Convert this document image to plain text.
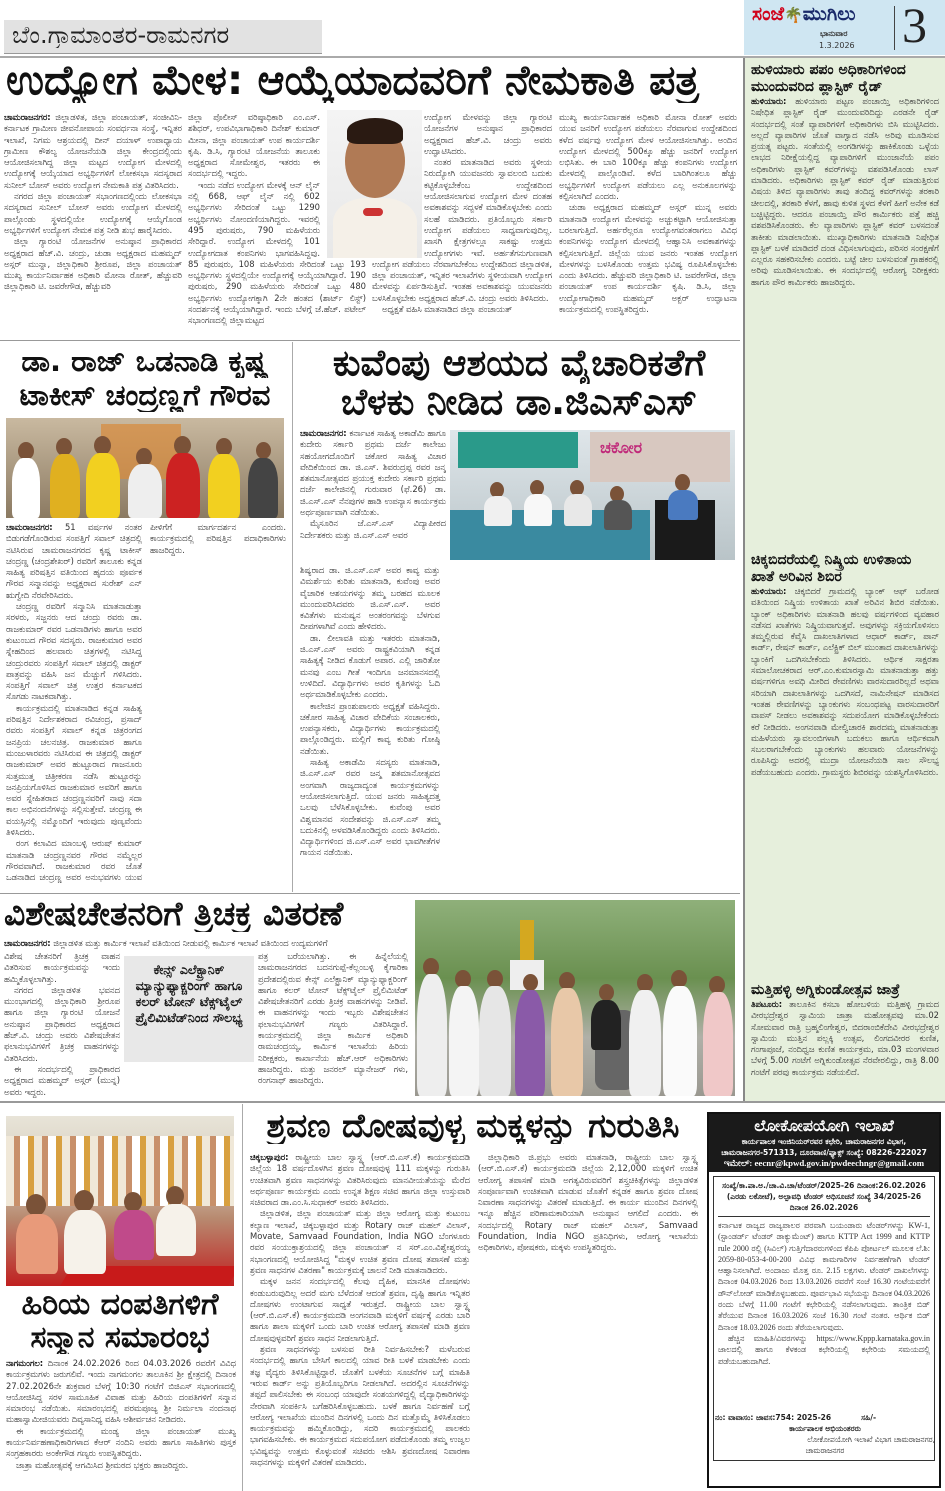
ಬೆಂ.ಗ್ರಾಮಾಂತರ-ರಾಮನಗರ
ಸಂಜೆ🌴ಮುಗಿಲು
ಭಾನುವಾರ
1.3.2026 3
ಉದ್ಯೋಗ ಮೇಳ: ಆಯ್ಕೆಯಾದವರಿಗೆ ನೇಮಕಾತಿ ಪತ್ರ
ಚಾಮರಾಜನಗರ: ಜಿಲ್ಲಾಡಳಿತ, ಜಿಲ್ಲಾ ಪಂಚಾಯತ್, ಸಂಜೀವಿನಿ-ಕರ್ನಾಟಕ ಗ್ರಾಮೀಣ ಜೀವನೋಪಾಯ ಸಂವರ್ಧನಾ ಸಂಸ್ಥೆ, ಇನ್ನಿತರ ಇಲಾಖೆ, ನಿಗಮ ಆಶ್ರಯದಲ್ಲಿ ದೀನ್ ದಯಾಳ್ ಉಪಾಧ್ಯಾಯ ಗ್ರಾಮೀಣ ಕೌಶಲ್ಯ ಯೋಜನೆಯಡಿ ಜಿಲ್ಲಾ ಕೇಂದ್ರದಲ್ಲಿಂದು ಆಯೋಜಿಸಲಾಗಿದ್ದ ಜಿಲ್ಲಾ ಮಟ್ಟದ ಉದ್ಯೋಗ ಮೇಳದಲ್ಲಿ ಉದ್ಯೋಗಕ್ಕೆ ಆಯ್ಕೆಯಾದ ಅಭ್ಯರ್ಥಿಗಳಿಗೆ ಲೋಕಸಭಾ ಸದಸ್ಯರಾದ ಸುನೀಲ್ ಬೋಸ್ ಅವರು ಉದ್ಯೋಗ ನೇಮಕಾತಿ ಪತ್ರ ವಿತರಿಸಿದರು.

ನಗರದ ಜಿಲ್ಲಾ ಪಂಚಾಯತ್ ಸಭಾಂಗಣದಲ್ಲಿಂದು ಲೋಕಸಭಾ ಸದಸ್ಯರಾದ ಸುನೀಲ್ ಬೋಸ್ ಅವರು ಉದ್ಯೋಗ ಮೇಳದಲ್ಲಿ ಪಾಲ್ಗೊಂಡು ಸ್ಥಳದಲ್ಲಿಯೇ ಉದ್ಯೋಗಕ್ಕೆ ಆಯ್ಕೆಗೊಂಡ ಅಭ್ಯರ್ಥಿಗಳಿಗೆ ಉದ್ಯೋಗ ನೇಮಕ ಪತ್ರ ನೀಡಿ ಶುಭ ಹಾರೈಸಿದರು.

ಜಿಲ್ಲಾ ಗ್ಯಾರಂಟಿ ಯೋಜನೆಗಳ ಅನುಷ್ಠಾನ ಪ್ರಾಧಿಕಾರದ ಅಧ್ಯಕ್ಷರಾದ ಹೆಚ್.ವಿ. ಚಂದ್ರು, ಚುಡಾ ಅಧ್ಯಕ್ಷರಾದ ಮಹಮ್ಮದ್ ಅಸ್ಗರ್ ಮುನ್ನಾ, ಜಿಲ್ಲಾಧಿಕಾರಿ ಶ್ರೀರೂಪ, ಜಿಲ್ಲಾ ಪಂಚಾಯತ್ ಮುಖ್ಯ ಕಾರ್ಯನಿರ್ವಾಹಕ ಅಧಿಕಾರಿ ಮೋನಾ ರೋತ್, ಹೆಚ್ಚುವರಿ ಜಿಲ್ಲಾಧಿಕಾರಿ ಟಿ. ಜವರೇಗೌಡ, ಹೆಚ್ಚುವರಿ

ಜಿಲ್ಲಾ ಪೊಲೀಸ್ ವರಿಷ್ಠಾಧಿಕಾರಿ ಎಂ.ಎಸ್. ಶಶಿಧರ್, ಉಪವಿಭಾಗಾಧಿಕಾರಿ ದಿನೇಶ್ ಕುಮಾರ್ ಮೀನಾ, ಜಿಲ್ಲಾ ಪಂಚಾಯತ್ ಉಪ ಕಾರ್ಯದರ್ಶಿ ಕೃಷಿ. ಡಿ.ಸಿ, ಗ್ಯಾರಂಟಿ ಯೋಜನೆಯ ತಾಲೂಕು ಅಧ್ಯಕ್ಷರಾದ ಸೋಮೇಶ್ವರ, ಇತರರು ಈ ಸಂದರ್ಭದಲ್ಲಿ ಇದ್ದರು.

ಇಂದು ನಡೆದ ಉದ್ಯೋಗ ಮೇಳಕ್ಕೆ ಆನ್ ಲೈನ್ ನಲ್ಲಿ 668, ಆಫ್ ಲೈನ್ ನಲ್ಲಿ 602 ಅಭ್ಯರ್ಥಿಗಳು ಸೇರಿದಂತೆ ಒಟ್ಟು 1290 ಅಭ್ಯರ್ಥಿಗಳು ನೋಂದಣಿಯಾಗಿದ್ದರು. ಇವರಲ್ಲಿ 495 ಪುರುಷರು, 790 ಮಹಿಳೆಯರು ಸೇರಿದ್ದಾರೆ. ಉದ್ಯೋಗ ಮೇಳದಲ್ಲಿ 101 ಉದ್ಯೋಗದಾತ ಕಂಪನಿಗಳು ಭಾಗವಹಿಸಿದ್ದವು. 85 ಪುರುಷರು, 108 ಮಹಿಳೆಯರು ಸೇರಿದಂತೆ ಒಟ್ಟು 193 ಅಭ್ಯರ್ಥಿಗಳು ಸ್ಥಳದಲ್ಲಿಯೇ ಉದ್ಯೋಗಕ್ಕೆ ಆಯ್ಕೆಯಾಗಿದ್ದಾರೆ. 190 ಪುರುಷರು, 290 ಮಹಿಳೆಯರು ಸೇರಿದಂತೆ ಒಟ್ಟು 480 ಅಭ್ಯರ್ಥಿಗಳು ಉದ್ಯೋಗಕ್ಕಾಗಿ 2ನೇ ಹಂತದ (ಶಾರ್ಟ್ ಲಿಸ್ಟ್) ಸಂದರ್ಶನಕ್ಕೆ ಆಯ್ಕೆಯಾಗಿದ್ದಾರೆ. ಇಂದು ಬೆಳಗ್ಗೆ ಜೆ.ಹೆಚ್. ಪಟೇಲ್ ಸಭಾಂಗಣದಲ್ಲಿ ಜಿಲ್ಲಾಮಟ್ಟದ

ಉದ್ಯೋಗ ಮೇಳವನ್ನು ಜಿಲ್ಲಾ ಗ್ಯಾರಂಟಿ ಯೋಜನೆಗಳ ಅನುಷ್ಠಾನ ಪ್ರಾಧಿಕಾರದ ಅಧ್ಯಕ್ಷರಾದ ಹೆಚ್.ವಿ. ಚಂದ್ರು ಅವರು ಉದ್ಘಾಟಿಸಿದರು.

ನಂತರ ಮಾತನಾಡಿದ ಅವರು ಸ್ಥಳೀಯ ನಿರುದ್ಯೋಗಿ ಯುವಜನರು ಸ್ವಾವಲಂಬಿ ಬದುಕು ಕಟ್ಟಿಕೊಳ್ಳಬೇಕೆಂಬ ಉದ್ದೇಶದಿಂದ ಆಯೋಜಿಸಲಾಗುವ ಉದ್ಯೋಗ ಮೇಳ ದಂತಹ ಅವಕಾಶವನ್ನು ಸದ್ಬಳಕೆ ಮಾಡಿಕೊಳ್ಳಬೇಕು ಎಂದು ಸಲಹೆ ಮಾಡಿದರು. ಪ್ರತಿಯೊಬ್ಬರು ಸರ್ಕಾರಿ ಉದ್ಯೋಗ ಪಡೆಯಲು ಸಾಧ್ಯವಾಗುವುದಿಲ್ಲ. ಖಾಸಗಿ ಕ್ಷೇತ್ರಗಳಲ್ಲೂ ಸಾಕಷ್ಟು ಉತ್ತಮ ಉದ್ಯೋಗಗಳು ಇವೆ. ಅರ್ಹತೆಗನುಗುಣವಾಗಿ ಉದ್ಯೋಗ ಪಡೆಯಲು ನೆರವಾಗಬೇಕೆಂಬ ಉದ್ದೇಶದಿಂದ ಜಿಲ್ಲಾಡಳಿತ, ಜಿಲ್ಲಾ ಪಂಚಾಯತ್, ಇನ್ನಿತರ ಇಲಾಖೆಗಳು ಸ್ಥಳೀಯವಾಗಿ ಉದ್ಯೋಗ ಮೇಳವನ್ನು ಏರ್ಪಡಿಸುತ್ತಿವೆ. ಇಂತಹ ಅವಕಾಶವನ್ನು ಯುವಜನರು ಬಳಸಿಕೊಳ್ಳಬೇಕು ಅಧ್ಯಕ್ಷರಾದ ಹೆಚ್.ವಿ. ಚಂದ್ರು ಅವರು ತಿಳಿಸಿದರು.

ಅಧ್ಯಕ್ಷತೆ ವಹಿಸಿ ಮಾತನಾಡಿದ ಜಿಲ್ಲಾ ಪಂಚಾಯತ್

ಮುಖ್ಯ ಕಾರ್ಯನಿರ್ವಾಹಕ ಅಧಿಕಾರಿ ಮೋನಾ ರೋತ್ ಅವರು ಯುವ ಜನರಿಗೆ ಉದ್ಯೋಗ ಪಡೆಯಲು ನೆರವಾಗುವ ಉದ್ದೇಶದಿಂದ ಕಳೆದ ವರ್ಷವು ಉದ್ಯೋಗ ಮೇಳ ಆಯೋಜಿಸಲಾಗಿತ್ತು. ಅಂದಿನ ಉದ್ಯೋಗ ಮೇಳದಲ್ಲಿ 500ಕ್ಕೂ ಹೆಚ್ಚು ಜನರಿಗೆ ಉದ್ಯೋಗ ಲಭಿಸಿತು. ಈ ಬಾರಿ 100ಕ್ಕೂ ಹೆಚ್ಚು ಕಂಪನಿಗಳು ಉದ್ಯೋಗ ಮೇಳದಲ್ಲಿ ಪಾಲ್ಗೊಂಡಿವೆ. ಕಳೆದ ಬಾರಿಗಿಂತಲೂ ಹೆಚ್ಚು ಅಭ್ಯರ್ಥಿಗಳಿಗೆ ಉದ್ಯೋಗ ಪಡೆಯಲು ಎಲ್ಲ ಅನುಕೂಲಗಳನ್ನು ಕಲ್ಪಿಸಲಾಗಿದೆ ಎಂದರು.

ಚುಡಾ ಅಧ್ಯಕ್ಷರಾದ ಮಹಮ್ಮದ್ ಅಸ್ಗರ್ ಮುನ್ನ ಅವರು ಮಾತನಾಡಿ ಉದ್ಯೋಗ ಮೇಳವನ್ನು ಅಚ್ಚುಕಟ್ಟಾಗಿ ಆಯೋಜಿಸುತ್ತಾ ಬರಲಾಗುತ್ತಿದೆ. ಅರ್ಹರೆಲ್ಲರೂ ಉದ್ಯೋಗವಂತರಾಗಲು ವಿವಿಧ ಕಂಪನಿಗಳನ್ನು ಉದ್ಯೋಗ ಮೇಳದಲ್ಲಿ ಆಹ್ವಾನಿಸಿ ಅವಕಾಶಗಳನ್ನು ಕಲ್ಪಿಸಲಾಗುತ್ತಿದೆ. ಜಿಲ್ಲೆಯ ಯುವ ಜನರು ಇಂತಹ ಉದ್ಯೋಗ ಮೇಳಗಳನ್ನು ಬಳಸಿಕೊಂಡು ಉತ್ತಮ ಭವಿಷ್ಯ ರೂಪಿಸಿಕೊಳ್ಳಬೇಕು ಎಂದು ತಿಳಿಸಿದರು. ಹೆಚ್ಚುವರಿ ಜಿಲ್ಲಾಧಿಕಾರಿ ಟಿ. ಜವರೇಗೌಡ, ಜಿಲ್ಲಾ ಪಂಚಾಯತ್ ಉಪ ಕಾರ್ಯದರ್ಶಿ ಕೃಷಿ. ಡಿ.ಸಿ, ಜಿಲ್ಲಾ ಉದ್ಯೋಗಾಧಿಕಾರಿ ಮಹಮ್ಮದ್ ಅಕ್ಬರ್ ಉದ್ಘಾಟನಾ ಕಾರ್ಯಕ್ರಮದಲ್ಲಿ ಉಪಸ್ಥಿತರಿದ್ದರು.

ಡಾ. ರಾಜ್ ಒಡನಾಡಿ ಕೃಷ್ಣ
ಟಾಕೀಸ್ ಚಂದ್ರಣ್ಣಗೆ ಗೌರವ
ಚಾಮರಾಜನಗರ: 51 ವರ್ಷಗಳ ನಂತರ ಬಿಡುಗಡೆಗೊಂಡಿರುವ ಸಂಪತ್ತಿಗೆ ಸವಾಲ್ ಚಿತ್ರದಲ್ಲಿ ನಟಿಸಿರುವ ಚಾಮರಾಜನಗರದ ಕೃಷ್ಣ ಟಾಕೀಸ್ ಚಂದ್ರಣ್ಣ (ಚಂದ್ರಶೇಖರ್) ರವರಿಗೆ ತಾಲೂಕು ಕನ್ನಡ ಸಾಹಿತ್ಯ ಪರಿಷತ್ತಿನ ವತಿಯಿಂದ ಹೃದಯ ಪೂರ್ವಕ ಗೌರವ ಸನ್ಮಾನವನ್ನು ಅಧ್ಯಕ್ಷರಾದ ಸುರೇಶ್ ಎನ್ ಋಗ್ವೇದಿ ನೆರವೇರಿಸಿದರು.

ಚಂದ್ರಣ್ಣ ರವರಿಗೆ ಸನ್ಮಾನಿಸಿ ಮಾತನಾಡುತ್ತಾ ಸರಳರು, ಸಜ್ಜನರು ಆದ ಚಂದ್ರು ರವರು ಡಾ. ರಾಜಕುಮಾರ್ ರವರ ಒಡನಾಡಿಗಳು ಹಾಗೂ ಅವರ ಕುಟುಂಬದ ಗೌರವ ಸದಸ್ಯರು. ರಾಜಕುಮಾರ ಅವರ ಸ್ನೇಹದಿಂದ ಹಲವಾರು ಚಿತ್ರಗಳಲ್ಲಿ ನಟಿಸಿದ್ದ ಚಂದ್ರುರವರು ಸಂಪತ್ತಿಗೆ ಸವಾಲ್ ಚಿತ್ರದಲ್ಲಿ ಡಾಕ್ಟರ್ ಪಾತ್ರವನ್ನು ವಹಿಸಿ ಜನ ಮೆಚ್ಚುಗೆ ಗಳಿಸಿದರು. ಸಂಪತ್ತಿಗೆ ಸವಾಲ್ ಚಿತ್ರ ಉತ್ತರ ಕರ್ನಾಟಕದ ಸೊಗಡು ನಾಟಕವಾಗಿತ್ತು.

ಕಾರ್ಯಕ್ರಮದಲ್ಲಿ ಮಾತನಾಡಿದ ಕನ್ನಡ ಸಾಹಿತ್ಯ ಪರಿಷತ್ತಿನ ನಿರ್ದೇಶಕರಾದ ರವಿಚಂದ್ರ, ಪ್ರಸಾದ್ ರವರು ಸಂಪತ್ತಿಗೆ ಸವಾಲ್ ಕನ್ನಡ ಚಿತ್ರರಂಗದ ಜನಪ್ರಿಯ ಚಲನಚಿತ್ರ. ರಾಜಕುಮಾರ ಹಾಗೂ ಮಂಜುಳಾರವರು ನಟಿಸಿರುವ ಈ ಚಿತ್ರದಲ್ಲಿ ಡಾಕ್ಟರ್ ರಾಜಕುಮಾರ್ ಅವರ ಹುಟ್ಟೂರಾದ ಗಾಜನೂರು ಸುತ್ತಮುತ್ತ ಚಿತ್ರೀಕರಣ ನಡೆಸಿ ಹುಟ್ಟೂರನ್ನು ಜನಪ್ರಿಯಗೊಳಿಸಿದ ರಾಜಕುಮಾರ ಅವರಿಗೆ ಹಾಗೂ ಅವರ ಸ್ನೇಹಿತರಾದ ಚಂದ್ರಣ್ಣನವರಿಗೆ ನಾವು ಸದಾ ಕಾಲ ಅಭಿನಂದನೆಗಳನ್ನು ಸಲ್ಲಿಸುತ್ತೇವೆ. ಚಂದ್ರಣ್ಣ ಈ ವಯಸ್ಸಿನಲ್ಲಿ ನಮ್ಮೊಂದಿಗೆ ಇರುವುದು ಪುಣ್ಯವೆಂದು ತಿಳಿಸಿದರು.

ರಂಗ ಕಲಾವಿದ ಮಾಂಬಳ್ಳಿ ಆರುಷ್ ಕುಮಾರ್ ಮಾತನಾಡಿ ಚಂದ್ರಣ್ಣನವರ ಗೌರವ ನಮ್ಮೆಲ್ಲರ ಗೌರವವಾಗಿದೆ. ರಾಜಕುಮಾರ ರವರ ಜೊತೆ ಒಡನಾಡಿದ ಚಂದ್ರಣ್ಣ ಅವರ ಅನುಭವಗಳು ಯುವ ಪೀಳಿಗೆಗೆ ಮಾರ್ಗದರ್ಶನ ಎಂದರು. ಕಾರ್ಯಕ್ರಮದಲ್ಲಿ ಪರಿಷತ್ತಿನ ಪದಾಧಿಕಾರಿಗಳು ಹಾಜರಿದ್ದರು.

ಕುವೆಂಪು ಆಶಯದ ವೈಚಾರಿಕತೆಗೆ
ಬೆಳಕು ನೀಡಿದ ಡಾ.ಜಿಎಸ್‌ಎಸ್
ಚಾಮರಾಜನಗರ: ಕರ್ನಾಟಕ ಸಾಹಿತ್ಯ ಅಕಾಡೆಮಿ ಹಾಗೂ ಕುದೇರು ಸರ್ಕಾರಿ ಪ್ರಥಮ ದರ್ಜೆ ಕಾಲೇಜು ಸಹಯೋಗದೊಂದಿಗೆ ಚಕೋರ ಸಾಹಿತ್ಯ ವಿಚಾರ ವೇದಿಕೆಯಿಂದ ಡಾ. ಜಿ.ಎಸ್. ಶಿವರುದ್ರಪ್ಪ ರವರ ಜನ್ಮ ಶತಮಾನೋತ್ಸವದ ಪ್ರಯುಕ್ತ ಕುದೇರು ಸರ್ಕಾರಿ ಪ್ರಥಮ ದರ್ಜೆ ಕಾಲೇಜಿನಲ್ಲಿ ಗುರುವಾರ (ಫೆ.26) ಡಾ. ಜಿ.ಎಸ್.ಎಸ್ ನೆನಪುಗಳ ಹಾಡಿ ಉಪನ್ಯಾಸ ಕಾರ್ಯಕ್ರಮ ಅರ್ಥಪೂರ್ಣವಾಗಿ ನಡೆಯಿತು.

ಮೈಸೂರಿನ ಜೆ.ಎಸ್.ಎಸ್ ವಿದ್ಯಾಪೀಠದ ನಿರ್ದೇಶಕರು ಮತ್ತು ಜಿ.ಎಸ್.ಎಸ್ ಅವರ

ಚಕೋರ
ಶಿಷ್ಯರಾದ ಡಾ. ಜಿ.ಎಸ್.ಎಸ್ ಅವರ ಕಾವ್ಯ ಮತ್ತು ವಿಮರ್ಶೆಯ ಕುರಿತು ಮಾತನಾಡಿ, ಕುವೆಂಪು ಅವರ ವೈಚಾರಿಕ ಆಶಯಗಳನ್ನು ತಮ್ಮ ಬರಹದ ಮೂಲಕ ಮುಂದುವರಿಸಿದವರು ಜಿ.ಎಸ್.ಎಸ್. ಅವರ ಕವಿತೆಗಳು ಮನುಷ್ಯನ ಅಂತರಂಗವನ್ನು ಬೆಳಗುವ ದೀಪಗಳಾಗಿವೆ ಎಂದು ಹೇಳಿದರು.

ಡಾ. ಲೀಲಾವತಿ ಮತ್ತು ಇತರರು ಮಾತನಾಡಿ, ಜಿ.ಎಸ್.ಎಸ್ ಅವರು ರಾಷ್ಟ್ರಕವಿಯಾಗಿ ಕನ್ನಡ ಸಾಹಿತ್ಯಕ್ಕೆ ನೀಡಿದ ಕೊಡುಗೆ ಅಪಾರ. ಎಲ್ಲಿ ಜಾರಿತೋ ಮನವು ಎಂಬ ಗೀತೆ ಇಂದಿಗೂ ಜನಮಾನಸದಲ್ಲಿ ಉಳಿದಿದೆ. ವಿದ್ಯಾರ್ಥಿಗಳು ಅವರ ಕೃತಿಗಳನ್ನು ಓದಿ ಅರ್ಥಮಾಡಿಕೊಳ್ಳಬೇಕು ಎಂದರು.

ಕಾಲೇಜಿನ ಪ್ರಾಂಶುಪಾಲರು ಅಧ್ಯಕ್ಷತೆ ವಹಿಸಿದ್ದರು. ಚಕೋರ ಸಾಹಿತ್ಯ ವಿಚಾರ ವೇದಿಕೆಯ ಸಂಚಾಲಕರು, ಉಪನ್ಯಾಸಕರು, ವಿದ್ಯಾರ್ಥಿಗಳು ಕಾರ್ಯಕ್ರಮದಲ್ಲಿ ಪಾಲ್ಗೊಂಡಿದ್ದರು. ಮಲ್ಲಿಗೆ ಕಾವ್ಯ ಕುರಿತು ಗೋಷ್ಠಿ ನಡೆಯಿತು.

ಸಾಹಿತ್ಯ ಅಕಾಡೆಮಿ ಸದಸ್ಯರು ಮಾತನಾಡಿ, ಜಿ.ಎಸ್.ಎಸ್ ರವರ ಜನ್ಮ ಶತಮಾನೋತ್ಸವದ ಅಂಗವಾಗಿ ರಾಜ್ಯದಾದ್ಯಂತ ಕಾರ್ಯಕ್ರಮಗಳನ್ನು ಆಯೋಜಿಸಲಾಗುತ್ತಿದೆ. ಯುವ ಜನರು ಸಾಹಿತ್ಯದತ್ತ ಒಲವು ಬೆಳೆಸಿಕೊಳ್ಳಬೇಕು. ಕುವೆಂಪು ಅವರ ವಿಶ್ವಮಾನವ ಸಂದೇಶವನ್ನು ಜಿ.ಎಸ್.ಎಸ್ ತಮ್ಮ ಬದುಕಿನಲ್ಲಿ ಅಳವಡಿಸಿಕೊಂಡಿದ್ದರು ಎಂದು ತಿಳಿಸಿದರು. ವಿದ್ಯಾರ್ಥಿಗಳಿಂದ ಜಿ.ಎಸ್.ಎಸ್ ಅವರ ಭಾವಗೀತೆಗಳ ಗಾಯನ ನಡೆಯಿತು.

ವಿಶೇಷಚೇತನರಿಗೆ ತ್ರಿಚಕ್ರ ವಿತರಣೆ
ಚಾಮರಾಜನಗರ: ಜಿಲ್ಲಾಡಳಿತ ಮತ್ತು ಕಾರ್ಮಿಕ ಇಲಾಖೆ ವತಿಯಿಂದ ನೀಡುವಲ್ಲಿ ಕಾರ್ಮಿಕ ಇಲಾಖೆ ವತಿಯಿಂದ ಉದ್ಯಮಗಳಿಗೆ
ವಿಶೇಷ ಚೇತನರಿಗೆ ತ್ರಿಚಕ್ರ ವಾಹನ ವಿತರಿಸುವ ಕಾರ್ಯಕ್ರಮವನ್ನು ಇಂದು ಹಮ್ಮಿಕೊಳ್ಳಲಾಗಿತ್ತು.

ನಗರದ ಜಿಲ್ಲಾಡಳಿತ ಭವನದ ಮುಂಭಾಗದಲ್ಲಿ ಜಿಲ್ಲಾಧಿಕಾರಿ ಶ್ರೀರೂಪ ಹಾಗೂ ಜಿಲ್ಲಾ ಗ್ಯಾರಂಟಿ ಯೋಜನೆ ಅನುಷ್ಠಾನ ಪ್ರಾಧಿಕಾರದ ಅಧ್ಯಕ್ಷರಾದ ಹೆಚ್.ವಿ. ಚಂದ್ರು ಅವರು ವಿಶೇಷಚೇತನ ಫಲಾನುಭವಿಗಳಿಗೆ ತ್ರಿಚಕ್ರ ವಾಹನಗಳನ್ನು ವಿತರಿಸಿದರು.

ಈ ಸಂದರ್ಭದಲ್ಲಿ ಪ್ರಾಧಿಕಾರದ ಅಧ್ಯಕ್ಷರಾದ ಮಹಮ್ಮದ್ ಅಸ್ಗರ್ (ಮುನ್ನ) ಅವರು ಇದ್ದರು.

ಕೇನ್ಸ್ ಎಲೆಕ್ಟ್ರಾನಿಕ್ ಮ್ಯಾನ್ಯುಫ್ಯಾಕ್ಚರಿಂಗ್ ಹಾಗೂ ಕಲರ್ ಟೋನ್ ಟೆಕ್ಸ್‌ಟೈಲ್ ಪ್ರೈಲಿಮಿಟೆಡ್‌ನಿಂದ ಸೌಲಭ್ಯ
ಪತ್ರ ಬರೆಯಲಾಗಿತ್ತು. ಈ ಹಿನ್ನೆಲೆಯಲ್ಲಿ ಚಾಮರಾಜನಗರದ ಬದನಗುಪ್ಪೆ-ಕೆಲ್ಲಂಬಳ್ಳಿ ಕೈಗಾರಿಕಾ ಪ್ರದೇಶದಲ್ಲಿರುವ ಕೇನ್ಸ್ ಎಲೆಕ್ಟ್ರಾನಿಕ್ ಮ್ಯಾನ್ಯುಫ್ಯಾಕ್ಚರಿಂಗ್ ಹಾಗೂ ಕಲರ್ ಟೋನ್ ಟೆಕ್ಸ್‌ಟೈಲ್ ಪ್ರೈಲಿಮಿಟೆಡ್ ವಿಶೇಷಚೇತನರಿಗೆ ಎರಡು ತ್ರಿಚಕ್ರ ವಾಹನಗಳನ್ನು ನೀಡಿವೆ. ಈ ವಾಹನಗಳನ್ನು ಇಂದು ಇಬ್ಬರು ವಿಶೇಷಚೇತನ ಫಲಾನುಭವಿಗಳಿಗೆ ಗಣ್ಯರು ವಿತರಿಸಿದ್ದಾರೆ. ಕಾರ್ಯಕ್ರಮದಲ್ಲಿ ಜಿಲ್ಲಾ ಕಾರ್ಮಿಕ ಅಧಿಕಾರಿ ರಾಮಚಂದ್ರಯ್ಯ, ಕಾರ್ಮಿಕ ಇಲಾಖೆಯ ಹಿರಿಯ ನಿರೀಕ್ಷಕರು, ಕಾರ್ಖಾನೆಯ ಹೆಚ್.ಆರ್ ಅಧಿಕಾರಿಗಳು ಹಾಜರಿದ್ದರು. ಮತ್ತು ಜನರಲ್ ಮ್ಯಾನೇಜರ್ ಗಳು, ರಂಗನಾಥ್ ಹಾಜರಿದ್ದರು.
ಹುಳಿಯಾರು ಪಪಂ ಅಧಿಕಾರಿಗಳಿಂದ ಮುಂದುವರಿದ ಪ್ಲಾಸ್ಟಿಕ್ ರೈಡ್
ಹುಳಿಯಾರು: ಹುಳಿಯಾರು ಪಟ್ಟಣ ಪಂಚಾಯ್ತಿ ಅಧಿಕಾರಿಗಳಿಂದ ನಿಷೇಧಿತ ಪ್ಲಾಸ್ಟಿಕ್ ರೈಡ್ ಮುಂದುವರಿದಿದ್ದು ಎರಡನೇ ರೈಡ್ ಸಂದರ್ಭದಲ್ಲಿ ಸಂತೆ ವ್ಯಾಪಾರಿಗಳಿಗೆ ಅಧಿಕಾರಿಗಳು ಬಿಸಿ ಮುಟ್ಟಿಸಿದರು. ಅಲ್ಲದೆ ವ್ಯಾಪಾರಿಗಳ ಜೊತೆ ವಾಗ್ವಾದ ನಡೆಸಿ ಅರಿವು ಮೂಡಿಸುವ ಪ್ರಯತ್ನ ಪಟ್ಟರು. ಸಂತೆಯಲ್ಲಿ ಅಂಗಡಿಗಳನ್ನು ಹಾಕಿಕೊಂಡು ಒಳ್ಳೆಯ ಲಾಭದ ನಿರೀಕ್ಷೆಯಲ್ಲಿದ್ದ ವ್ಯಾಪಾರಿಗಳಿಗೆ ಮುಂಜಾನೆಯೆ ಪಪಂ ಅಧಿಕಾರಿಗಳು ಪ್ಲಾಸ್ಟಿಕ್ ಕವರ್‌ಗಳನ್ನು ವಶಪಡಿಸಿಕೊಂಡು ಲಾಸ್ ಮಾಡಿದರು. ಅಧಿಕಾರಿಗಳು ಪ್ಲಾಸ್ಟಿಕ್ ಕವರ್ ರೈಡ್ ಮಾಡುತ್ತಿರುವ ವಿಷಯ ತಿಳಿದ ವ್ಯಾಪಾರಿಗಳು ತಾವು ತಂದಿದ್ದ ಕವರ್‌ಗಳನ್ನು ತರಕಾರಿ ಚೀಲದಲ್ಲಿ, ತರಕಾರಿ ಕೆಳಗೆ, ಹಾವು ಕುಳಿತ ಸ್ಥಳದ ಕೆಳಗೆ ಹೀಗೆ ಅನೇಕ ಕಡೆ ಬಚ್ಚಿಟ್ಟಿದ್ದರು. ಆದರೂ ಪಂಚಾಯ್ತಿ ಪೌರ ಕಾರ್ಮಿಕರು ಪತ್ತೆ ಹಚ್ಚಿ ವಶಪಡಿಸಿಕೊಂಡರು. ಕೆಲ ವ್ಯಾಪಾರಿಗಳು ಪ್ಲಾಸ್ಟಿಕ್ ಕವರ್ ಬಳಸದಂತೆ ತಾಕೀತು ಮಾಡಲಾಯಿತು. ಮುಖ್ಯಾಧಿಕಾರಿಗಳು ಮಾತನಾಡಿ ನಿಷೇಧಿತ ಪ್ಲಾಸ್ಟಿಕ್ ಬಳಕೆ ಮಾಡಿದರೆ ದಂಡ ವಿಧಿಸಲಾಗುವುದು, ಪರಿಸರ ಸಂರಕ್ಷಣೆಗೆ ಎಲ್ಲರೂ ಸಹಕರಿಸಬೇಕು ಎಂದರು. ಬಟ್ಟೆ ಚೀಲ ಬಳಸುವಂತೆ ಗ್ರಾಹಕರಲ್ಲಿ ಅರಿವು ಮೂಡಿಸಲಾಯಿತು. ಈ ಸಂದರ್ಭದಲ್ಲಿ ಆರೋಗ್ಯ ನಿರೀಕ್ಷಕರು ಹಾಗೂ ಪೌರ ಕಾರ್ಮಿಕರು ಹಾಜರಿದ್ದರು.
ಚಿಕ್ಕಬಿದರೆಯಲ್ಲಿ ನಿಷ್ಕ್ರಿಯ ಉಳಿತಾಯ ಖಾತೆ ಅರಿವಿನ ಶಿಬಿರ
ಹುಳಿಯಾರು: ಚಿಕ್ಕಬಿದರೆ ಗ್ರಾಮದಲ್ಲಿ ಬ್ಯಾಂಕ್ ಆಫ್ ಬರೋಡ ವತಿಯಿಂದ ನಿಷ್ಕ್ರಿಯ ಉಳಿತಾಯ ಖಾತೆ ಅರಿವಿನ ಶಿಬಿರ ನಡೆಯಿತು. ಬ್ಯಾಂಕ್ ಅಧಿಕಾರಿಗಳು ಮಾತನಾಡಿ ಹಲವು ವರ್ಷಗಳಿಂದ ವ್ಯವಹಾರ ನಡೆಸದ ಖಾತೆಗಳು ನಿಷ್ಕ್ರಿಯವಾಗುತ್ತವೆ. ಅವುಗಳನ್ನು ಸಕ್ರಿಯಗೊಳಿಸಲು ತಮ್ಮಲ್ಲಿರುವ ಕೆವೈಸಿ ದಾಖಲಾತಿಗಳಾದ ಆಧಾರ್ ಕಾರ್ಡ್, ಪಾನ್ ಕಾರ್ಡ್, ರೇಷನ್ ಕಾರ್ಡ್, ಎಲೆಕ್ಟ್ರಿಕ್ ಬಿಲ್ ಮುಂತಾದ ದಾಖಲಾತಿಗಳನ್ನು ಬ್ಯಾಂಕಿಗೆ ಒದಗಿಸಬೇಕೆಂದು ತಿಳಿಸಿದರು. ಆರ್ಥಿಕ ಸಾಕ್ಷರತಾ ಸಮಾಲೋಚಕರಾದ ಆರ್.ಎಂ.ಕುಮಾರಸ್ವಾಮಿ ಮಾತನಾಡುತ್ತಾ ಹತ್ತು ವರ್ಷಗಳಿಗೂ ಅವಧಿ ಮೀರಿದ ಠೇವಣಿಗಳು ವಾರಸುದಾರರಿಲ್ಲದೆ ಅಥವಾ ಸರಿಯಾಗಿ ದಾಖಲಾತಿಗಳನ್ನು ಒದಗಿಸದೆ, ನಾಮಿನೇಷನ್ ಮಾಡಿಸದ ಇಂತಹ ಠೇವಣಿಗಳನ್ನು ಬ್ಯಾಂಕುಗಳು ಸಂಬಂಧಪಟ್ಟ ವಾರಸುದಾರರಿಗೆ ವಾಪಸ್ ನೀಡಲು ಅವಕಾಶವನ್ನು ಸದುಪಯೋಗ ಮಾಡಿಕೊಳ್ಳಬೇಕೆಂದು ಕರೆ ನೀಡಿದರು. ಅಂಗನವಾಡಿ ಮೇಲ್ವಿಚಾರಕಿ ಶಾರದಮ್ಮ ಮಾತನಾಡುತ್ತಾ ಮಹಿಳೆಯರು ಸ್ವಾವಲಂಬಿಗಳಾಗಿ ಬದುಕಲು ಹಾಗೂ ಆರ್ಥಿಕವಾಗಿ ಸಬಲರಾಗಬೇಕೆಂದು ಬ್ಯಾಂಕುಗಳು ಹಲವಾರು ಯೋಜನೆಗಳನ್ನು ರೂಪಿಸಿದ್ದು ಅದರಲ್ಲಿ ಮುದ್ರಾ ಯೋಜನೆಯಡಿ ಸಾಲ ಸೌಲಭ್ಯ ಪಡೆಯಬಹುದು ಎಂದರು. ಗ್ರಾಮಸ್ಥರು ಶಿಬಿರವನ್ನು ಯಶಸ್ವಿಗೊಳಿಸಿದರು.
ಮತ್ತಿಹಳ್ಳಿ ಅಗ್ನಿಕುಂಡೋತ್ಸವ ಜಾತ್ರೆ
ತಿಪಟೂರು: ತಾಲೂಕಿನ ಕಸಬಾ ಹೋಬಳಿಯ ಮತ್ತಿಹಳ್ಳಿ ಗ್ರಾಮದ ವೀರಭದ್ರೇಶ್ವರ ಸ್ವಾಮಿಯ ಜಾತ್ರಾ ಮಹೋತ್ಸವವು ಮಾ.02 ಸೋಮವಾರ ರಾತ್ರಿ ಬ್ರಹ್ಮಲಿಂಗೇಶ್ವರ, ಬಿದರಾಂಬಿಕೆದೇವಿ ವೀರಭದ್ರೇಶ್ವರ ಸ್ವಾಮಿಯ ಮುತ್ತಿನ ಪಲ್ಲಕ್ಕಿ ಉತ್ಸವ, ಲಿಂಗದವೀರರ ಕುಣಿತ, ಗಂಗಾಪೂಜೆ, ನಂದಿಧ್ವಜ ಕುಣಿತ ಕಾರ್ಯಕ್ರಮ, ಮಾ.03 ಮಂಗಳವಾರ ಬೆಳಗ್ಗೆ 5.00 ಗಂಟೆಗೆ ಅಗ್ನಿಕುಂಡೋತ್ಸವ ನೆರವೇರಲಿದ್ದು, ರಾತ್ರಿ 8.00 ಗಂಟೆಗೆ ಪರವು ಕಾರ್ಯಕ್ರಮ ನಡೆಯಲಿದೆ.
ಹಿರಿಯ ದಂಪತಿಗಳಿಗೆ
ಸನ್ಮಾನ ಸಮಾರಂಭ
ನಾಗಮಂಗಲ: ದಿನಾಂಕ 24.02.2026 ರಿಂದ 04.03.2026 ರವರೆಗೆ ವಿವಿಧ ಕಾರ್ಯಕ್ರಮಗಳು ಜರುಗಲಿವೆ. ಇಂದು ನಾಗಮಂಗಲ ತಾಲೂಕಿನ ಶ್ರೀ ಕ್ಷೇತ್ರದಲ್ಲಿ ದಿನಾಂಕ 27.02.2026ನೇ ಶುಕ್ರವಾರ ಬೆಳಗ್ಗೆ 10:30 ಗಂಟೆಗೆ ಬಿಜಿಎಸ್ ಸಭಾಂಗಣದಲ್ಲಿ ಆಯೋಜಿಸಿದ್ದ ಸರಳ ಸಾಮೂಹಿಕ ವಿವಾಹ ಮತ್ತು ಹಿರಿಯ ದಂಪತಿಗಳಿಗೆ ಸನ್ಮಾನ ಸಮಾರಂಭ ನಡೆಯಿತು. ಸಮಾರಂಭದಲ್ಲಿ ಪರಮಪೂಜ್ಯ ಶ್ರೀ ನಿರ್ಮಲಾ ನಂದನಾಥ ಮಹಾಸ್ವಾಮೀಜಿಯವರು ದಿವ್ಯಸಾನಿಧ್ಯ ವಹಿಸಿ ಆಶೀರ್ವಚನ ನೀಡಿದರು.

ಈ ಕಾರ್ಯಕ್ರಮದಲ್ಲಿ ಮಂಡ್ಯ ಜಿಲ್ಲಾ ಪಂಚಾಯತ್ ಮುಖ್ಯ ಕಾರ್ಯನಿರ್ವಹಣಾಧಿಕಾರಿಗಳಾದ ಕೆಆರ್ ನಂದಿನಿ ಅವರು ಹಾಗೂ ಸಾಹಿತಿಗಳು ಪುಸ್ತಕ ಸಂಗ್ರಹಕಾರರು ಅಂಕೇಗೌಡ ಗಣ್ಯರು ಉಪಸ್ಥಿತರಿದ್ದರು.

ಜಾತ್ರಾ ಮಹೋತ್ಸವಕ್ಕೆ ಆಗಮಿಸಿದ ಶ್ರೀಮಠದ ಭಕ್ತರು ಹಾಜರಿದ್ದರು.

ಶ್ರವಣ ದೋಷವುಳ್ಳ ಮಕ್ಕಳನ್ನು ಗುರುತಿಸಿ
ಚಿಕ್ಕಬಳ್ಳಾಪುರ: ರಾಷ್ಟ್ರೀಯ ಬಾಲ ಸ್ವಾಸ್ಥ್ಯ (ಆರ್.ಬಿ.ಎಸ್.ಕೆ) ಕಾರ್ಯಕ್ರಮದಡಿ ಜಿಲ್ಲೆಯ 18 ವರ್ಷದೊಳಗಿನ ಶ್ರವಣ ದೋಷವುಳ್ಳ 111 ಮಕ್ಕಳನ್ನು ಗುರುತಿಸಿ ಉಚಿತವಾಗಿ ಶ್ರವಣ ಸಾಧನಗಳನ್ನು ವಿತರಿಸಿರುವುದು ಮಾನವೀಯತೆಯನ್ನು ಮೆರೆದ ಅರ್ಥಪೂರ್ಣ ಕಾರ್ಯಕ್ರಮ ಎಂದು ಉನ್ನತ ಶಿಕ್ಷಣ ಸಚಿವ ಹಾಗೂ ಜಿಲ್ಲಾ ಉಸ್ತುವಾರಿ ಸಚಿವರಾದ ಡಾ.ಎಂ.ಸಿ.ಸುಧಾಕರ್ ಅವರು ತಿಳಿಸಿದರು.

ಜಿಲ್ಲಾಡಳಿತ, ಜಿಲ್ಲಾ ಪಂಚಾಯತ್ ಮತ್ತು ಜಿಲ್ಲಾ ಆರೋಗ್ಯ ಮತ್ತು ಕುಟುಂಬ ಕಲ್ಯಾಣ ಇಲಾಖೆ, ಚಿಕ್ಕಬಳ್ಳಾಪುರ ಮತ್ತು Rotary ರಾಜ್ ಮಹಲ್ ವಿಲಾಸ್, Movate, Samvaad Foundation, India NGO ಬೆಂಗಳೂರು ರವರ ಸಂಯುಕ್ತಾಶ್ರಯದಲ್ಲಿ ಜಿಲ್ಲಾ ಪಂಚಾಯತ್ ನ ಸರ್.ಎಂ.ವಿಶ್ವೇಶ್ವರಯ್ಯ ಸಭಾಂಗಣದಲ್ಲಿ ಆಯೋಜಿಸಿದ್ದ "ಮಕ್ಕಳ ಉಚಿತ ಶ್ರವಣ ದೋಷ ತಪಾಸಣೆ ಮತ್ತು ಶ್ರವಣ ಸಾಧನಗಳ ವಿತರಣಾ" ಕಾರ್ಯಕ್ರಮಕ್ಕೆ ಚಾಲನೆ ನೀಡಿ ಮಾತನಾಡಿದರು.

ಮಕ್ಕಳ ಜನನ ಸಂದರ್ಭದಲ್ಲಿ ಕೆಲವು ದೈಹಿಕ, ಮಾನಸಿಕ ದೋಷಗಳು ಕಂಡುಬರುವುದಿಲ್ಲ ಅದರೆ ಮಗು ಬೆಳೆದಂತೆ ಆದಂತೆ ಶ್ರವಣ, ದೃಷ್ಟಿ ಹಾಗೂ ಇನ್ನಿತರ ದೋಷಗಳು ಉಂಟಾಗುವ ಸಾಧ್ಯತೆ ಇರುತ್ತದೆ. ರಾಷ್ಟ್ರೀಯ ಬಾಲ ಸ್ವಾಸ್ಥ್ಯ (ಆರ್.ಬಿ.ಎಸ್.ಕೆ) ಕಾರ್ಯಕ್ರಮದಡಿ ಅಂಗನವಾಡಿ ಮಕ್ಕಳಿಗೆ ವರ್ಷಕ್ಕೆ ಎರಡು ಬಾರಿ ಹಾಗೂ ಶಾಲಾ ಮಕ್ಕಳಿಗೆ ಒಂದು ಬಾರಿ ಉಚಿತ ಆರೋಗ್ಯ ತಪಾಸಣೆ ಮಾಡಿ ಶ್ರವಣ ದೋಷವುಳ್ಳವರಿಗೆ ಶ್ರವಣ ಸಾಧನ ನೀಡಲಾಗುತ್ತಿದೆ.

ಶ್ರವಣ ಸಾಧನಗಳನ್ನು ಬಳಸುವ ರೀತಿ ನಿರ್ವಹಿಸಬೇಕು? ಮಳೆಬರುವ ಸಂದರ್ಭದಲ್ಲಿ ಹಾಗೂ ಬೇಸಿಗೆ ಕಾಲದಲ್ಲಿ ಯಾವ ರೀತಿ ಬಳಕೆ ಮಾಡಬೇಕು ಎಂದು ತಜ್ಞ ವೈದ್ಯರು ತಿಳಿಸಿಕೊಟ್ಟಿದ್ದಾರೆ. ಜೊತೆಗೆ ಬಳಕೆಯ ಸೂಚನೆಗಳ ಬಗ್ಗೆ ಮಾಹಿತಿ ಇರುವ ಕಾರ್ಡ್ ಅನ್ನು ಪ್ರತಿಯೊಬ್ಬರಿಗೂ ನೀಡಲಾಗಿದೆ. ಅದರಲ್ಲಿನ ಸೂಚನೆಗಳನ್ನು ತಪ್ಪದೆ ಪಾಲಿಸಬೇಕು ಈ ಸಂಬಂಧ ಯಾವುದೇ ಸಂಶಯಗಳಿದ್ದಲ್ಲಿ ವೈದ್ಯಾಧಿಕಾರಿಗಳನ್ನು ನೇರವಾಗಿ ಸಂಪರ್ಕಿಸಿ ಬಗೆಹರಿಸಿಕೊಳ್ಳಬಹುದು. ಬಳಕೆ ಹಾಗೂ ನಿರ್ವಹಣೆ ಬಗ್ಗೆ ಆರೋಗ್ಯ ಇಲಾಖೆಯ ಮುಂದಿನ ದಿನಗಳಲ್ಲಿ ಒಂದು ದಿನ ಮತ್ತೊಮ್ಮೆ ತಿಳಿಸಿಕೊಡಲು ಕಾರ್ಯಕ್ರಮವನ್ನು ಹಮ್ಮಿಕೊಂಡಿದ್ದು, ಸದರಿ ಕಾರ್ಯಕ್ರಮದಲ್ಲಿ ಪಾಲಕರು ಭಾಗವಹಿಸಬೇಕು. ಈ ಕಾರ್ಯಕ್ರಮದ ಸದುಪಯೋಗ ಪಡೆದುಕೊಂಡು ತಮ್ಮ ಉಜ್ವಲ ಭವಿಷ್ಯವನ್ನು ಉತ್ತಮ ಕೊಳ್ಳುವಂತೆ ಸಚಿವರು ಆಶಿಸಿ ಶ್ರವಣದೋಷ ನಿವಾರಣಾ ಸಾಧನಗಳನ್ನು ಮಕ್ಕಳಿಗೆ ವಿತರಣೆ ಮಾಡಿದರು.

ಜಿಲ್ಲಾಧಿಕಾರಿ ಜಿ.ಪ್ರಭು ಅವರು ಮಾತನಾಡಿ, ರಾಷ್ಟ್ರೀಯ ಬಾಲ ಸ್ವಾಸ್ಥ್ಯ (ಆರ್.ಬಿ.ಎಸ್.ಕೆ) ಕಾರ್ಯಕ್ರಮದಡಿ ಜಿಲ್ಲೆಯ 2,12,000 ಮಕ್ಕಳಿಗೆ ಉಚಿತ ಆರೋಗ್ಯ ತಪಾಸಣೆ ಮಾಡಿ ಅಗತ್ಯವಿರುವವರಿಗೆ ಶಸ್ತ್ರಚಿಕಿತ್ಸೆಗಳನ್ನು ಜಿಲ್ಲಾಡಳಿತ ಸಂಪೂರ್ಣವಾಗಿ ಉಚಿತವಾಗಿ ಮಾಡುವ ಜೊತೆಗೆ ಕನ್ನಡಕ ಹಾಗೂ ಶ್ರವಣ ದೋಷ ನಿವಾರಣಾ ಸಾಧನಗಳನ್ನು ವಿತರಣೆ ಮಾಡುತ್ತಿದೆ. ಈ ಕಾರ್ಯ ಮುಂದಿನ ದಿನಗಳಲ್ಲಿ ಇನ್ನೂ ಹೆಚ್ಚಿನ ಪರಿಣಾಮಕಾರಿಯಾಗಿ ಅನುಷ್ಠಾನ ಆಗಲಿದೆ ಎಂದರು. ಈ ಸಂದರ್ಭದಲ್ಲಿ Rotary ರಾಜ್ ಮಹಲ್ ವಿಲಾಸ್, Samvaad Foundation, India NGO ಪ್ರತಿನಿಧಿಗಳು, ಆರೋಗ್ಯ ಇಲಾಖೆಯ ಅಧಿಕಾರಿಗಳು, ಪೋಷಕರು, ಮಕ್ಕಳು ಉಪಸ್ಥಿತರಿದ್ದರು.

ಲೋಕೋಪಯೋಗಿ ಇಲಾಖೆ
ಕಾರ್ಯಪಾಲಕ ಇಂಜಿನಿಯರ್‌ರವರ ಕಛೇರಿ, ಚಾಮರಾಜನಗರ ವಿಭಾಗ,
ಚಾಮರಾಜನಗರ-571313, ದೂರವಾಣಿ/ಫ್ಯಾಕ್ಸ್ ಸಂಖ್ಯೆ: 08226-222027
ಇಮೇಲ್: eecnr@kpwd.gov.in/pwdeechngr@gmail.com
ಸಂಖ್ಯೆ/ಕಾ.ಪಾ.ಅ./ಚಾ.ವಿ.ಚಾ/ಟೆಂಡರ್/2025-26 ದಿನಾಂಕ:26.02.2026 (ಎರಡು ಲಕೋಟೆ), ಅಲ್ಪಾವಧಿ ಟೆಂಡರ್ ಅಧಿಸೂಚನೆ ಸಂಖ್ಯೆ 34/2025-26 ದಿನಾಂಕ 26.02.2026
ಕರ್ನಾಟಕ ರಾಜ್ಯದ ರಾಜ್ಯಪಾಲರ ಪರವಾಗಿ ಬಯಂಡಾರು ಟೆಂಡರ್‌ಗಳನ್ನು KW-1, (ಸ್ಟಾಂಡರ್ಡ್ ಟೆಂಡರ್ ಡಾಕ್ಯುಮೆಂಟ್) ಹಾಗೂ KTTP Act 1999 and KTTP rule 2000 ರಲ್ಲಿ (ಸಿವಿಲ್) ಗುತ್ತಿಗೆದಾರರುಗಳಿಂದ ಕೆಪಿಪಿ ಪೋರ್ಟಲ್ ಮೂಲಕ ಲೆ.ಶಿ: 2059-80-053-4-00-200 ವಿವಿಧ ಕಾಮಗಾರಿಗಳ ನಿರ್ವಹಣೆಗಾಗಿ ಟೆಂಡರ್ ಆಹ್ವಾನಿಸಲಾಗಿದೆ. ಅಂದಾಜು ಮೊತ್ತ ರೂ. 2.15 ಲಕ್ಷಗಳು. ಟೆಂಡರ್ ದಾಖಲೆಗಳನ್ನು ದಿನಾಂಕ 04.03.2026 ರಿಂದ 13.03.2026 ರವರೆಗೆ ಸಂಜೆ 16.30 ಗಂಟೆಯವರೆಗೆ ಡೌನ್‌ಲೋಡ್ ಮಾಡಿಕೊಳ್ಳಬಹುದು. ಪೂರ್ವಭಾವಿ ಸಭೆಯನ್ನು ದಿನಾಂಕ 04.03.2026 ರಂದು ಬೆಳಗ್ಗೆ 11.00 ಗಂಟೆಗೆ ಕಛೇರಿಯಲ್ಲಿ ನಡೆಸಲಾಗುವುದು. ತಾಂತ್ರಿಕ ಬಿಡ್ ತೆರೆಯುವ ದಿನಾಂಕ 16.03.2026 ಸಂಜೆ 16.30 ಗಂಟೆ ನಂತರ. ಆರ್ಥಿಕ ಬಿಡ್ ದಿನಾಂಕ 18.03.2026 ರಂದು ತೆರೆಯಲಾಗುವುದು.

ಹೆಚ್ಚಿನ ಮಾಹಿತಿ/ವಿವರಗಳನ್ನು https://www.Kppp.karnataka.gov.in ಜಾಲದಲ್ಲಿ ಹಾಗೂ ಕೆಳಕಂಡ ಕಛೇರಿಯಲ್ಲಿ ಕಛೇರಿಯ ಸಮಯದಲ್ಲಿ ಪಡೆಯಬಹುದಾಗಿದೆ.

ನಂ: ವಾವಾಸಂ: ಜಾವಸ:754: 2025-26	ಸಹಿ/-
ಕಾರ್ಯಪಾಲಕ ಅಭಿಯಂತರರು
ಲೋಕೋಪಯೋಗಿ ಇಲಾಖೆ ವಿಭಾಗ ಚಾಮರಾಜನಗರ,
ಚಾಮರಾಜನಗರ
